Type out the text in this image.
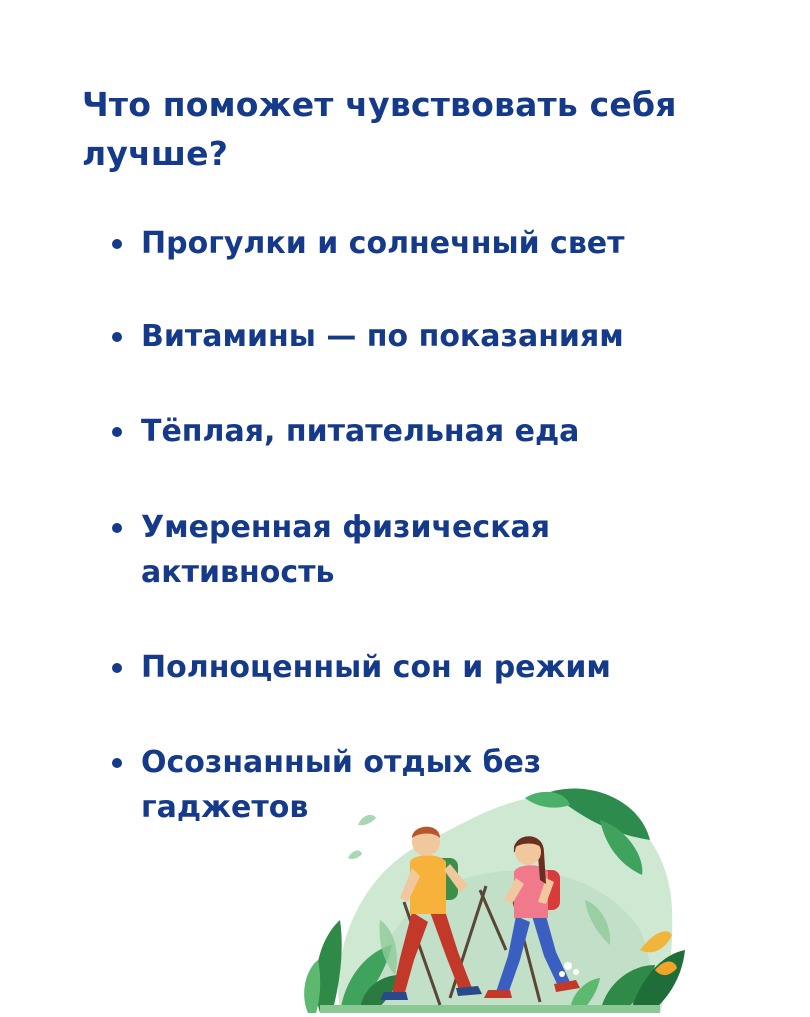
Что поможет чувствовать себя лучше?
Прогулки и солнечный свет
Витамины — по показаниям
Тёплая, питательная еда
Умеренная физическая активность
Полноценный сон и режим
Осознанный отдых без гаджетов
